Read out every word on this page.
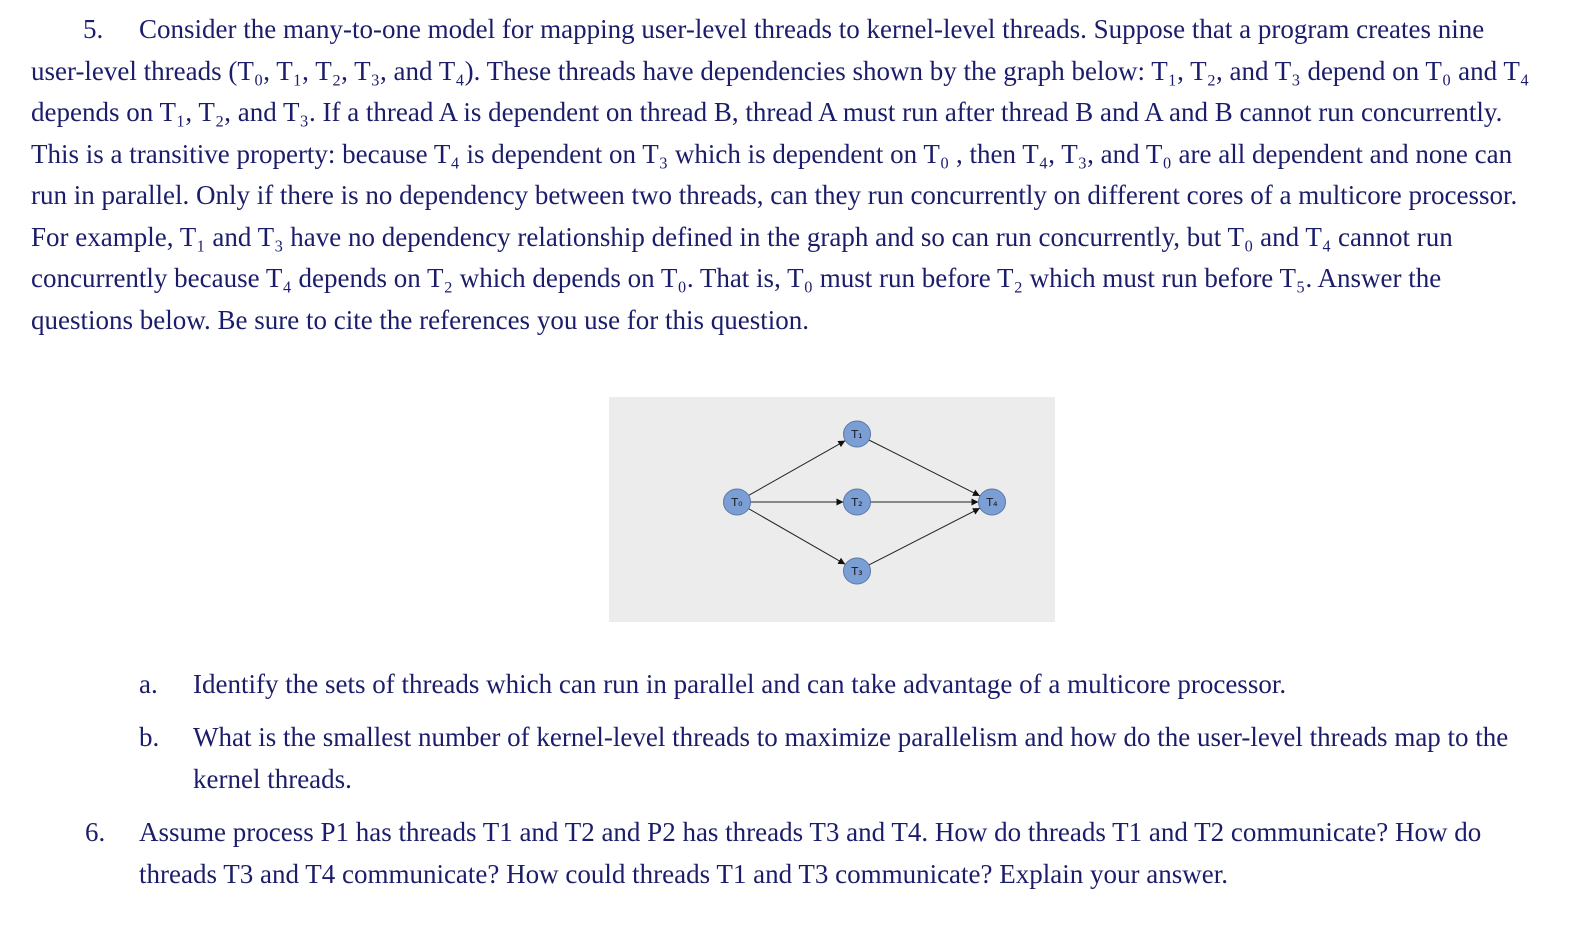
5. Consider the many-to-one model for mapping user-level threads to kernel-level threads. Suppose that a program creates nine user-level threads (T₀, T₁, T₂, T₃, and T₄). These threads have dependencies shown by the graph below: T₁, T₂, and T₃ depend on T₀ and T₄ depends on T₁, T₂, and T₃. If a thread A is dependent on thread B, thread A must run after thread B and A and B cannot run concurrently. This is a transitive property: because T₄ is dependent on T₃ which is dependent on T₀ , then T₄, T₃, and T₀ are all dependent and none can run in parallel. Only if there is no dependency between two threads, can they run concurrently on different cores of a multicore processor. For example, T₁ and T₃ have no dependency relationship defined in the graph and so can run concurrently, but T₀ and T₄ cannot run concurrently because T₄ depends on T₂ which depends on T₀. That is, T₀ must run before T₂ which must run before T₅. Answer the questions below. Be sure to cite the references you use for this question.
T₀
T₁
T₂
T₃
T₄
a. Identify the sets of threads which can run in parallel and can take advantage of a multicore processor.
b. What is the smallest number of kernel-level threads to maximize parallelism and how do the user-level threads map to the kernel threads.
6. Assume process P1 has threads T1 and T2 and P2 has threads T3 and T4. How do threads T1 and T2 communicate? How do threads T3 and T4 communicate? How could threads T1 and T3 communicate? Explain your answer.
